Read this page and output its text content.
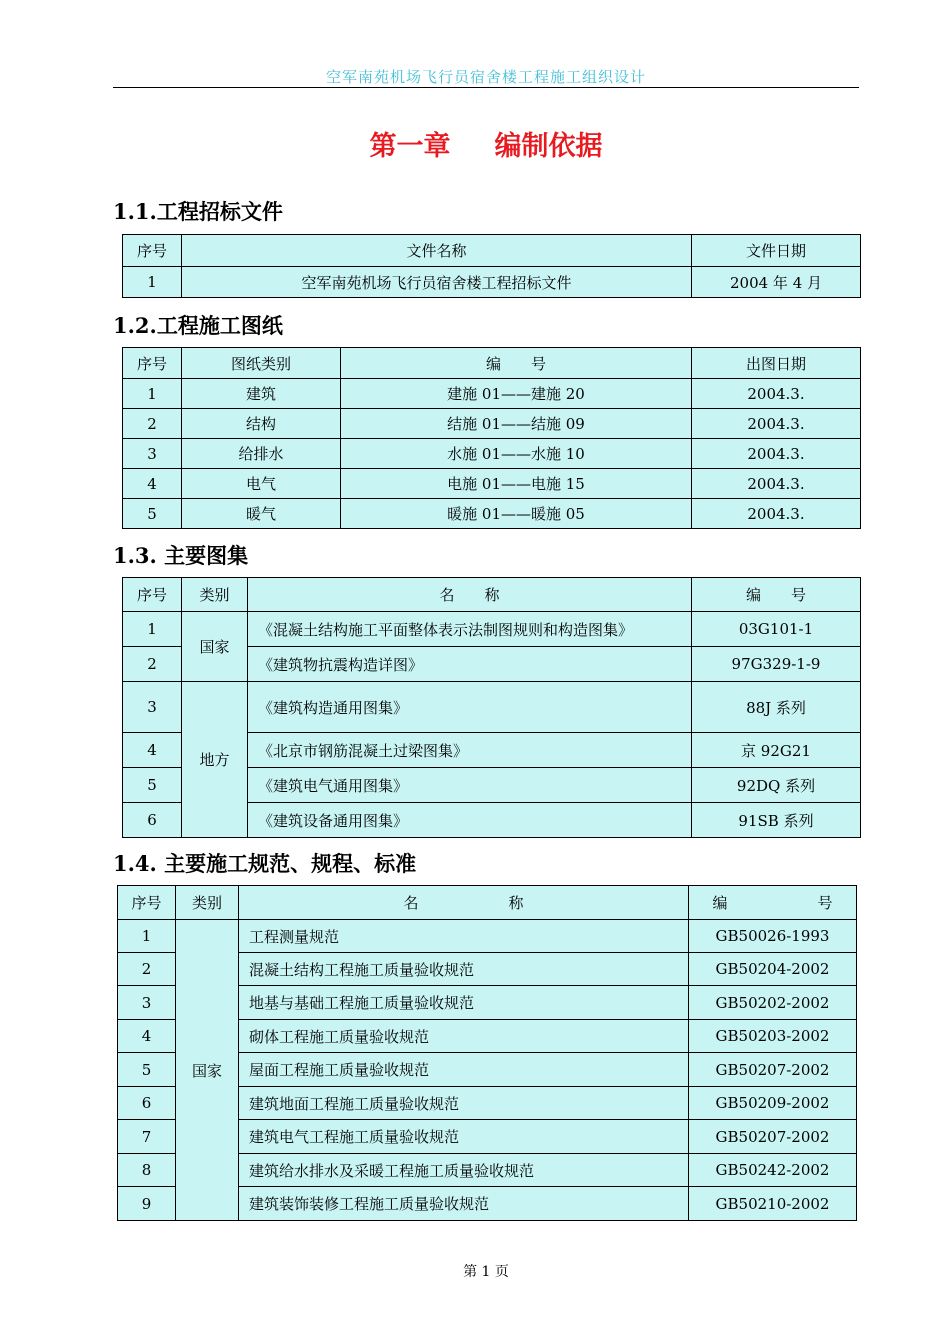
空军南苑机场飞行员宿舍楼工程施工组织设计
第一章 编制依据
1.1.工程招标文件
序号	文件名称	文件日期
1	空军南苑机场飞行员宿舍楼工程招标文件	2004 年 4 月
1.2.工程施工图纸
序号	图纸类别	编　　号	出图日期
1	建筑	建施 01——建施 20	2004.3.
2	结构	结施 01——结施 09	2004.3.
3	给排水	水施 01——水施 10	2004.3.
4	电气	电施 01——电施 15	2004.3.
5	暖气	暖施 01——暖施 05	2004.3.
1.3. 主要图集
序号	类别	名　　称	编　　号
1	国家	《混凝土结构施工平面整体表示法制图规则和构造图集》	03G101-1
2		《建筑物抗震构造详图》	97G329-1-9
3	地方	《建筑构造通用图集》	88J 系列
4		《北京市钢筋混凝土过梁图集》	京 92G21
5		《建筑电气通用图集》	92DQ 系列
6		《建筑设备通用图集》	91SB 系列
1.4. 主要施工规范、规程、标准
序号	类别	名　　　　　　称	编　　　　　　号
1	国家	工程测量规范	GB50026-1993
2		混凝土结构工程施工质量验收规范	GB50204-2002
3		地基与基础工程施工质量验收规范	GB50202-2002
4		砌体工程施工质量验收规范	GB50203-2002
5		屋面工程施工质量验收规范	GB50207-2002
6		建筑地面工程施工质量验收规范	GB50209-2002
7		建筑电气工程施工质量验收规范	GB50207-2002
8		建筑给水排水及采暖工程施工质量验收规范	GB50242-2002
9		建筑装饰装修工程施工质量验收规范	GB50210-2002
第 1 页
